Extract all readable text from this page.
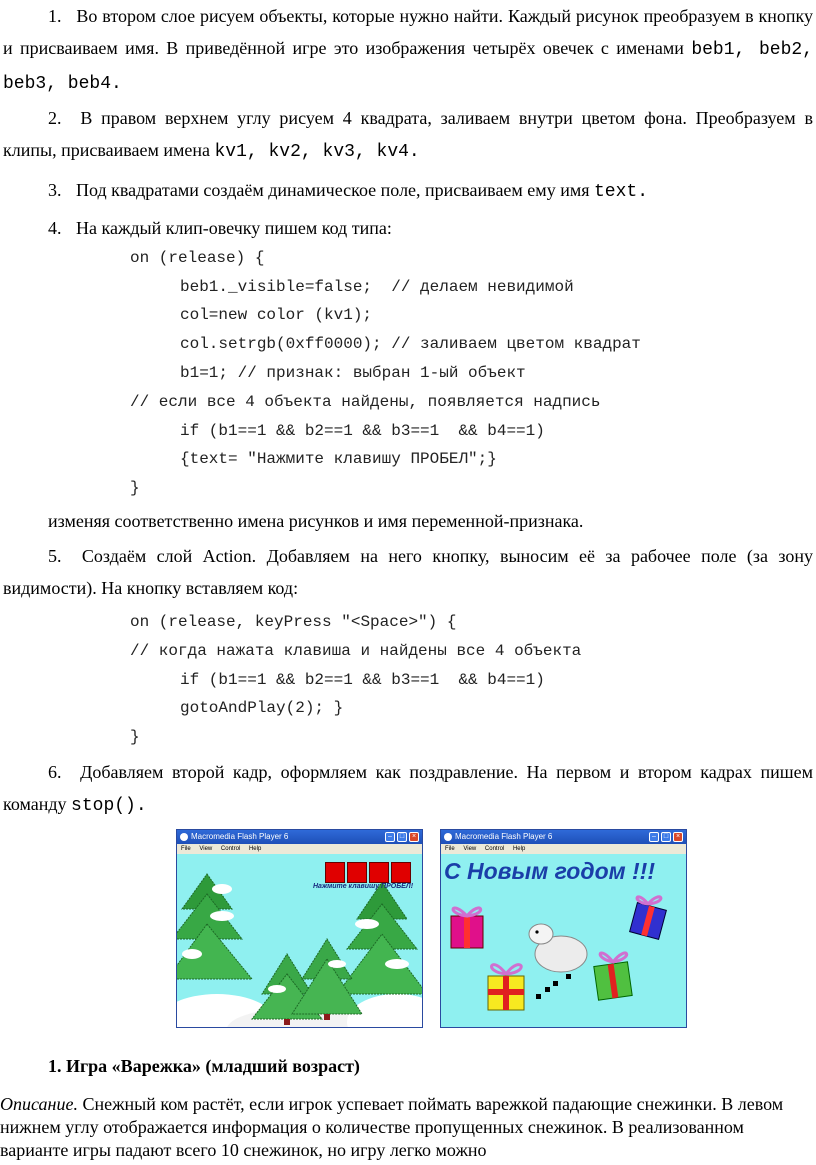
1. Во втором слое рисуем объекты, которые нужно найти. Каждый рисунок преобразуем в кнопку и присваиваем имя. В приведённой игре это изображения четырёх овечек с именами beb1, beb2, beb3, beb4.
2. В правом верхнем углу рисуем 4 квадрата, заливаем внутри цветом фона. Преобразуем в клипы, присваиваем имена kv1, kv2, kv3, kv4.
3. Под квадратами создаём динамическое поле, присваиваем ему имя text.
4. На каждый клип-овечку пишем код типа:
on (release) {
beb1._visible=false;  // делаем невидимой
col=new color (kv1);
col.setrgb(0xff0000); // заливаем цветом квадрат
b1=1; // признак: выбран 1-ый объект
// если все 4 объекта найдены, появляется надпись
if (b1==1 && b2==1 && b3==1  && b4==1)
{text= "Нажмите клавишу ПРОБЕЛ";}
}
изменяя соответственно имена рисунков и имя переменной-признака.
5. Создаём слой Action. Добавляем на него кнопку, выносим её за рабочее поле (за зону видимости). На кнопку вставляем код:
on (release, keyPress "<Space>") {
// когда нажата клавиша и найдены все 4 объекта
if (b1==1 && b2==1 && b3==1  && b4==1)
gotoAndPlay(2); }
}
6. Добавляем второй кадр, оформляем как поздравление. На первом и втором кадрах пишем команду stop().
Macromedia Flash Player 6	–	□	×
File View Control Help
Нажмите клавишу ПРОБЕЛ!
Macromedia Flash Player 6	–	□	×
File View Control Help
С Новым годом !!!
1. Игра «Варежка» (младший возраст)
Описание. Снежный ком растёт, если игрок успевает поймать варежкой падающие снежинки. В левом нижнем углу отображается информация о количестве пропущенных снежинок. В реализованном варианте игры падают всего 10 снежинок, но игру легко можно
